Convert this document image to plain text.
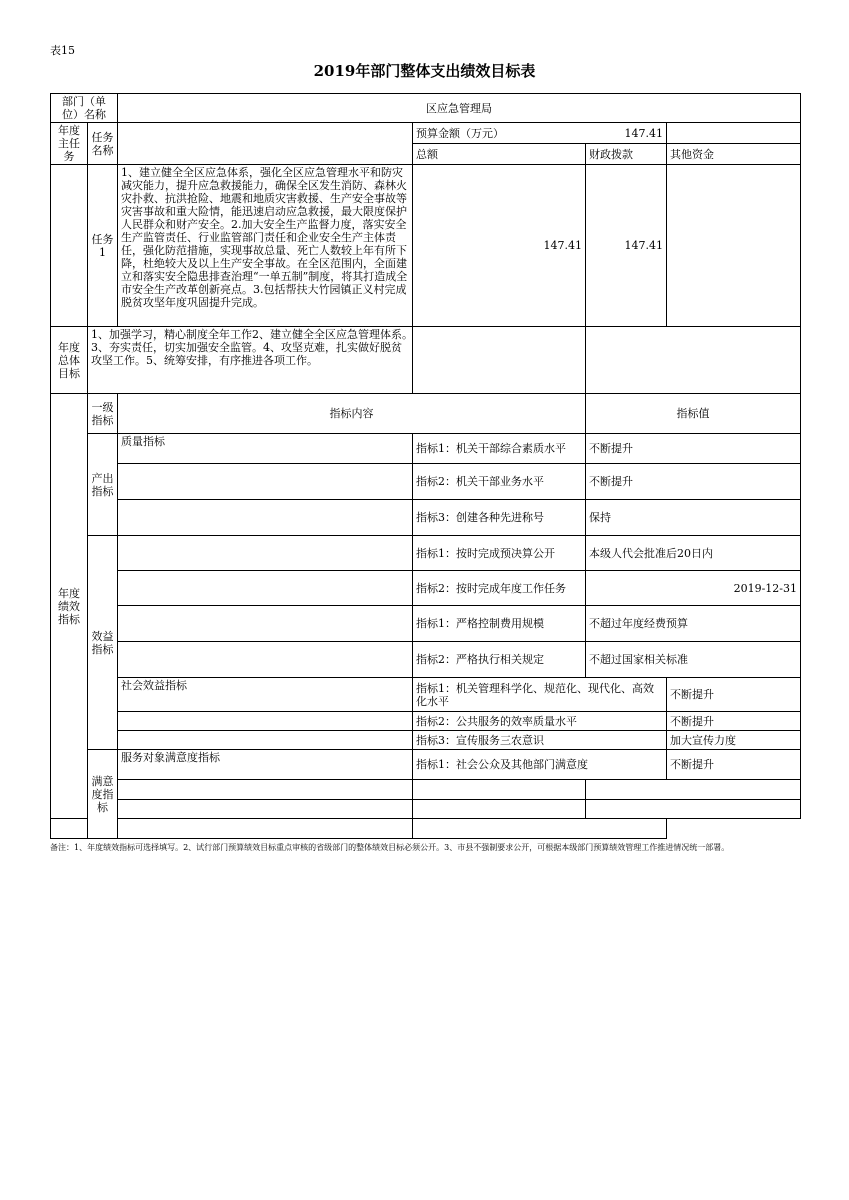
表15
2019年部门整体支出绩效目标表
部门（单位）名称		区应急管理局			
年度主任务	任务名称		预算金额（万元） 147.41		

			总额	财政拨款	其他资金
	任务1	1、建立健全全区应急体系，强化全区应急管理水平和防灾减灾能力，提升应急救援能力，确保全区发生消防、森林火灾扑救、抗洪抢险、地震和地质灾害救援、生产安全事故等灾害事故和重大险情，能迅速启动应急救援，最大限度保护人民群众和财产安全。2.加大安全生产监督力度，落实安全生产监管责任、行业监管部门责任和企业安全生产主体责任，强化防范措施，实现事故总量、死亡人数较上年有所下降，杜绝较大及以上生产安全事故。在全区范围内，全面建立和落实安全隐患排查治理“一单五制”制度，将其打造成全市安全生产改革创新亮点。3.包括帮扶大竹园镇正义村完成脱贫攻坚年度巩固提升完成。	147.41	147.41	
年度总体目标	1、加强学习，精心制度全年工作2、建立健全全区应急管理体系。　　3、夯实责任，切实加强安全监管。4、攻坚克难，扎实做好脱贫攻坚工作。5、统筹安排，有序推进各项工作。				
年度绩效指标	一级指标	指标内容		指标值	
	产出指标	质量指标	指标1：机关干部综合素质水平	不断提升	
			指标2：机关干部业务水平	不断提升	
			指标3：创建各种先进称号	保持	
	效益指标		指标1：按时完成预决算公开	本级人代会批准后20日内	
			指标2：按时完成年度工作任务	2019-12-31	
			指标1：严格控制费用规模	不超过年度经费预算	
			指标2：严格执行相关规定	不超过国家相关标准	
		社会效益指标	指标1：机关管理科学化、规范化、现代化、高效化水平		不断提升
			指标2：公共服务的效率质量水平		不断提升
			指标3：宣传服务三农意识		加大宣传力度
	满意度指标	服务对象满意度指标	指标1：社会公众及其他部门满意度		不断提升

备注：1、年度绩效指标可选择填写。2、试行部门预算绩效目标重点审核的省级部门的整体绩效目标必须公开。3、市县不强制要求公开，可根据本级部门预算绩效管理工作推进情况统一部署。
